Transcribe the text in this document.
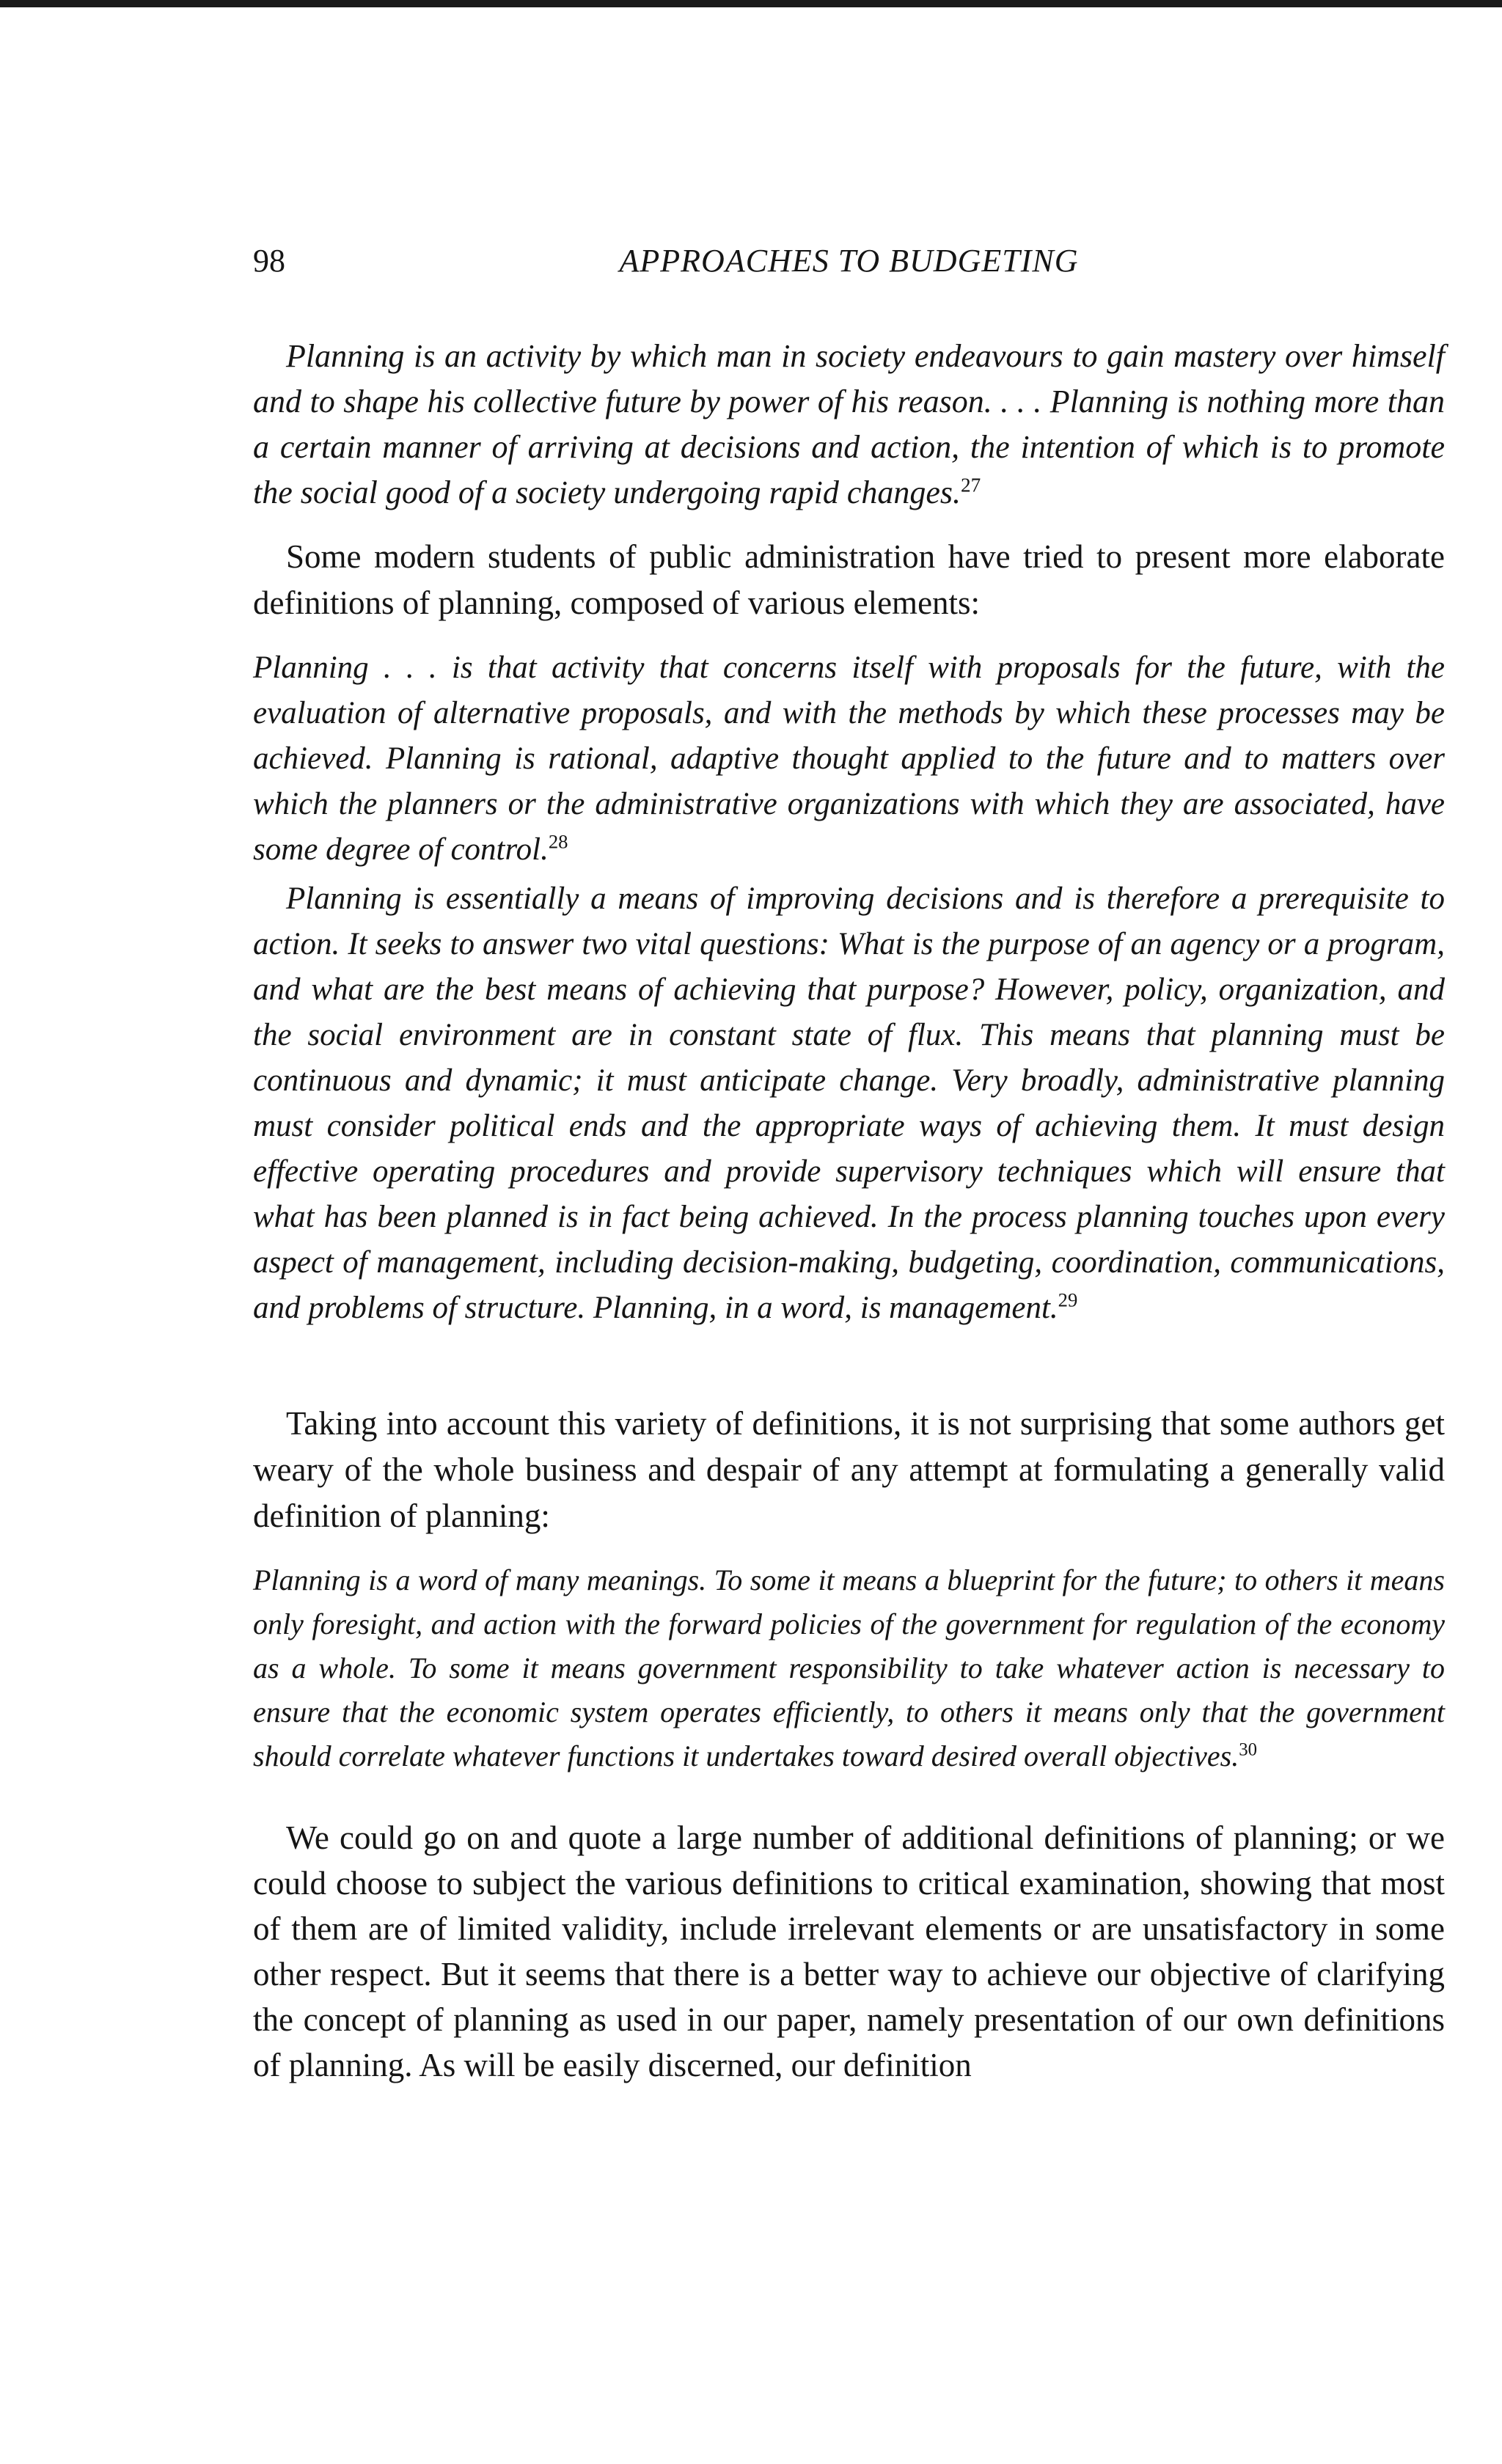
98	APPROACHES TO BUDGETING

Planning is an activity by which man in society endeavours to gain mastery over himself and to shape his collective future by power of his reason. . . . Planning is nothing more than a certain manner of arriving at decisions and action, the intention of which is to promote the social good of a society undergoing rapid changes.$^{27}$

Some modern students of public administration have tried to present more elaborate definitions of planning, composed of various elements:

Planning . . . is that activity that concerns itself with proposals for the future, with the evaluation of alternative proposals, and with the methods by which these processes may be achieved. Planning is rational, adaptive thought applied to the future and to matters over which the planners or the administrative organizations with which they are associated, have some degree of control.$^{28}$

Planning is essentially a means of improving decisions and is therefore a prerequisite to action. It seeks to answer two vital questions: What is the purpose of an agency or a program, and what are the best means of achieving that purpose? However, policy, organization, and the social environment are in constant state of flux. This means that planning must be continuous and dynamic; it must anticipate change. Very broadly, administrative planning must consider political ends and the appropriate ways of achieving them. It must design effective operating procedures and provide supervisory techniques which will ensure that what has been planned is in fact being achieved. In the process planning touches upon every aspect of management, including decision-making, budgeting, coordination, communications, and problems of structure. Planning, in a word, is management.$^{29}$

Taking into account this variety of definitions, it is not surprising that some authors get weary of the whole business and despair of any attempt at formulating a generally valid definition of planning:

Planning is a word of many meanings. To some it means a blueprint for the future; to others it means only foresight, and action with the forward policies of the government for regulation of the economy as a whole. To some it means government responsibility to take whatever action is necessary to ensure that the economic system operates efficiently, to others it means only that the government should correlate whatever functions it undertakes toward desired overall objectives.$^{30}$

We could go on and quote a large number of additional definitions of planning; or we could choose to subject the various definitions to critical examination, showing that most of them are of limited validity, include irrelevant elements or are unsatisfactory in some other respect. But it seems that there is a better way to achieve our objective of clarifying the concept of planning as used in our paper, namely presentation of our own definitions of planning. As will be easily discerned, our definition
